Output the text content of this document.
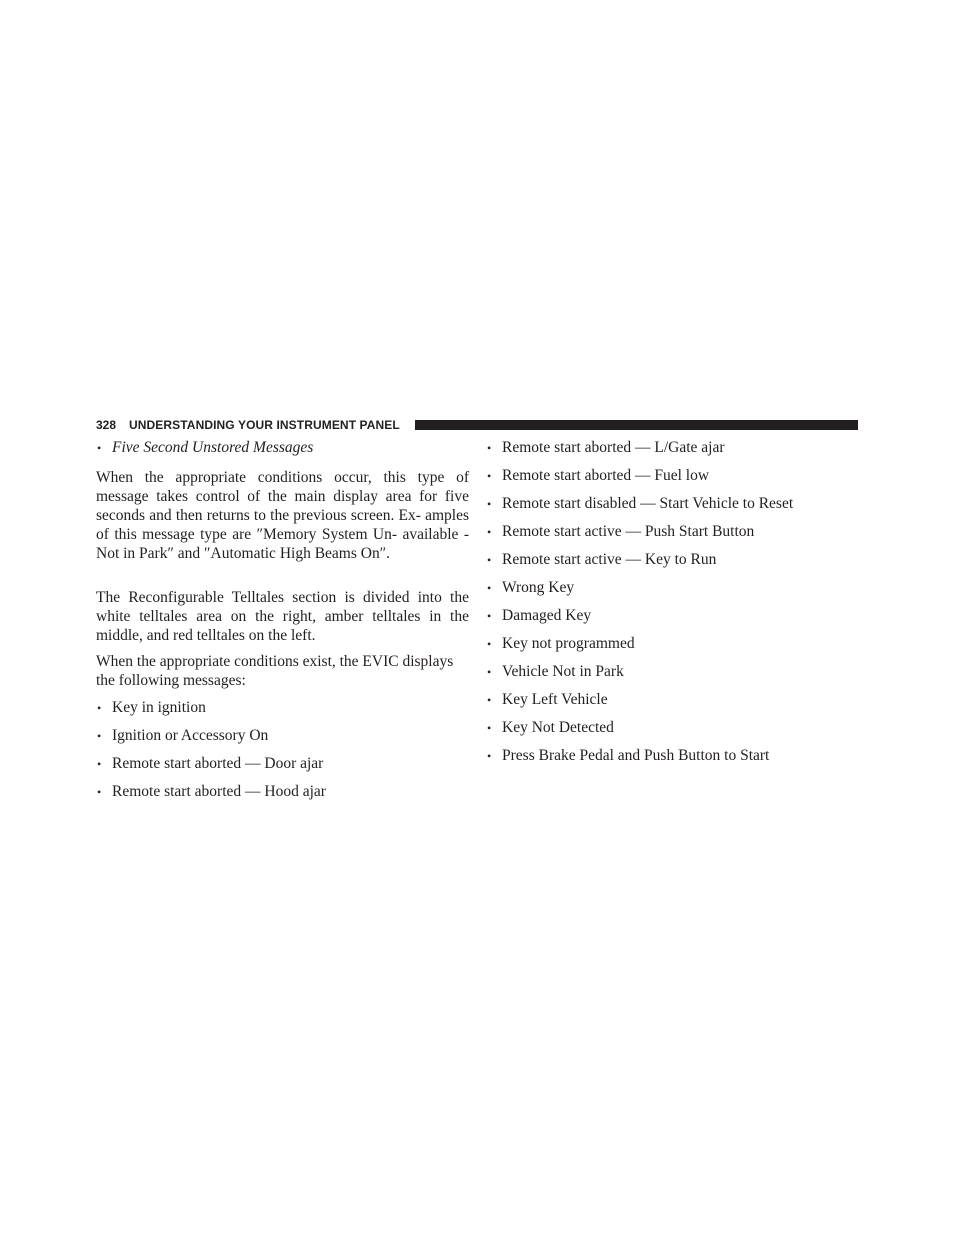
328 UNDERSTANDING YOUR INSTRUMENT PANEL
• Five Second Unstored Messages

When the appropriate conditions occur, this type of message takes control of the main display area for five seconds and then returns to the previous screen. Ex- amples of this message type are ″Memory System Un- available - Not in Park″ and ″Automatic High Beams On″.

The Reconfigurable Telltales section is divided into the white telltales area on the right, amber telltales in the middle, and red telltales on the left.

When the appropriate conditions exist, the EVIC displays the following messages:

• Key in ignition
• Ignition or Accessory On
• Remote start aborted — Door ajar
• Remote start aborted — Hood ajar
• Remote start aborted — L/Gate ajar
• Remote start aborted — Fuel low
• Remote start disabled — Start Vehicle to Reset
• Remote start active — Push Start Button
• Remote start active — Key to Run
• Wrong Key
• Damaged Key
• Key not programmed
• Vehicle Not in Park
• Key Left Vehicle
• Key Not Detected
• Press Brake Pedal and Push Button to Start
